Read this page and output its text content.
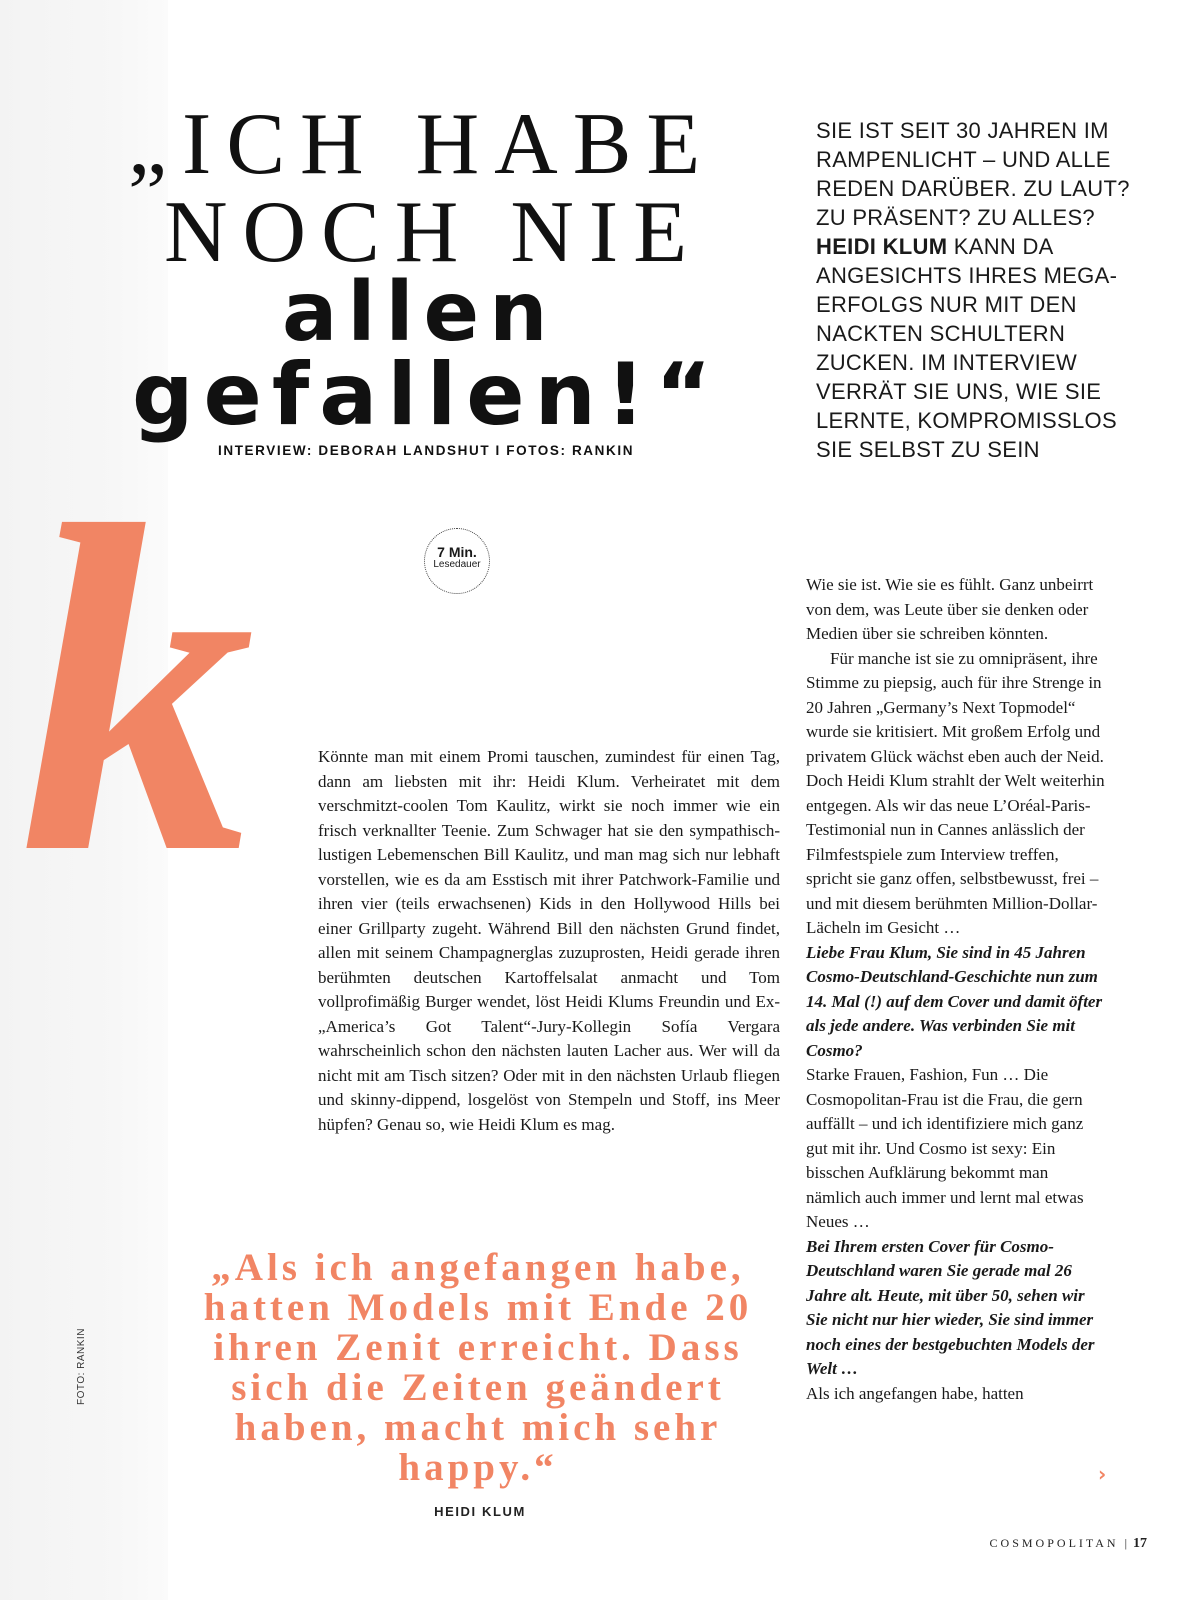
FOTO: RANKIN
„ICH HABE
NOCH NIE
allen
gefallen!“
INTERVIEW: DEBORAH LANDSHUT I FOTOS: RANKIN
SIE IST SEIT 30 JAHREN IM RAMPENLICHT – UND ALLE REDEN DARÜBER. ZU LAUT? ZU PRÄSENT? ZU ALLES? HEIDI KLUM KANN DA ANGESICHTS IHRES MEGA-ERFOLGS NUR MIT DEN NACKTEN SCHULTERN ZUCKEN. IM INTERVIEW VERRÄT SIE UNS, WIE SIE LERNTE, KOMPROMISSLOS SIE SELBST ZU SEIN
k	7 Min.
Lesedauer

Könnte man mit einem Promi tauschen, zumindest für einen Tag, dann am liebsten mit ihr: Heidi Klum. Verheiratet mit dem verschmitzt-coolen Tom Kaulitz, wirkt sie noch immer wie ein frisch verknallter Teenie. Zum Schwager hat sie den sympathisch-lustigen Lebemenschen Bill Kaulitz, und man mag sich nur lebhaft vorstellen, wie es da am Esstisch mit ihrer Patchwork-Familie und ihren vier (teils erwachsenen) Kids in den Hollywood Hills bei einer Grillparty zugeht. Während Bill den nächsten Grund findet, allen mit seinem Champagnerglas zuzuprosten, Heidi gerade ihren berühmten deutschen Kartoffelsalat anmacht und Tom vollprofimäßig Burger wendet, löst Heidi Klums Freundin und Ex-„America’s Got Talent“-Jury-Kollegin Sofía Vergara wahrscheinlich schon den nächsten lauten Lacher aus. Wer will da nicht mit am Tisch sitzen? Oder mit in den nächsten Urlaub fliegen und skinny-dippend, losgelöst von Stempeln und Stoff, ins Meer hüpfen? Genau so, wie Heidi Klum es mag.

Wie sie ist. Wie sie es fühlt. Ganz unbeirrt von dem, was Leute über sie denken oder Medien über sie schreiben könnten.

Für manche ist sie zu omnipräsent, ihre Stimme zu piepsig, auch für ihre Strenge in 20 Jahren „Germany’s Next Topmodel“ wurde sie kritisiert. Mit großem Erfolg und privatem Glück wächst eben auch der Neid. Doch Heidi Klum strahlt der Welt weiterhin entgegen. Als wir das neue L’Oréal-Paris-Testimonial nun in Cannes anlässlich der Filmfestspiele zum Interview treffen, spricht sie ganz offen, selbstbewusst, frei – und mit diesem berühmten Million-Dollar-Lächeln im Gesicht …

Liebe Frau Klum, Sie sind in 45 Jahren Cosmo-Deutschland-Geschichte nun zum 14. Mal (!) auf dem Cover und damit öfter als jede andere. Was verbinden Sie mit Cosmo?

Starke Frauen, Fashion, Fun … Die Cosmopolitan-Frau ist die Frau, die gern auffällt – und ich identifiziere mich ganz gut mit ihr. Und Cosmo ist sexy: Ein bisschen Aufklärung bekommt man nämlich auch immer und lernt mal etwas Neues …

Bei Ihrem ersten Cover für Cosmo-Deutschland waren Sie gerade mal 26 Jahre alt. Heute, mit über 50, sehen wir Sie nicht nur hier wieder, Sie sind immer noch eines der bestgebuchten Models der Welt …

Als ich angefangen habe, hatten

›
„Als ich angefangen habe, hatten Models mit Ende 20 ihren Zenit erreicht. Dass sich die Zeiten geändert haben, macht mich sehr happy.“
HEIDI KLUM
COSMOPOLITAN | 17
